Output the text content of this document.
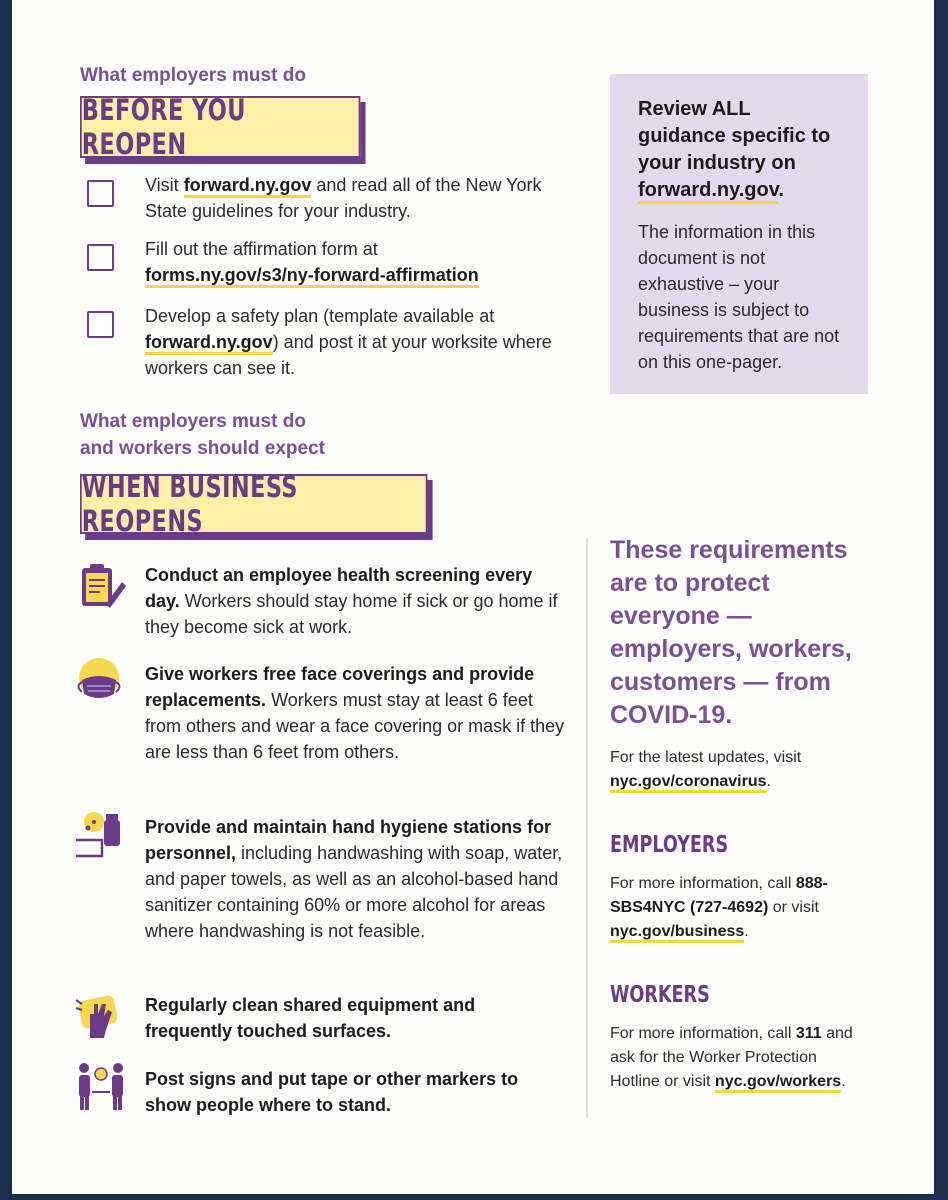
What employers must do
BEFORE YOU REOPEN
Visit forward.ny.gov and read all of the New York State guidelines for your industry.
Fill out the affirmation form at
forms.ny.gov/s3/ny-forward-affirmation
Develop a safety plan (template available at forward.ny.gov) and post it at your worksite where workers can see it.
Review ALL guidance specific to your industry on forward.ny.gov.
The information in this document is not exhaustive – your business is subject to requirements that are not on this one-pager.
What employers must do
and workers should expect
WHEN BUSINESS REOPENS
Conduct an employee health screening every day. Workers should stay home if sick or go home if they become sick at work.
Give workers free face coverings and provide replacements. Workers must stay at least 6 feet from others and wear a face covering or mask if they are less than 6 feet from others.
Provide and maintain hand hygiene stations for personnel, including handwashing with soap, water, and paper towels, as well as an alcohol-based hand sanitizer containing 60% or more alcohol for areas where handwashing is not feasible.
Regularly clean shared equipment and frequently touched surfaces.
Post signs and put tape or other markers to show people where to stand.
These requirements are to protect everyone — employers, workers, customers — from COVID-19.
For the latest updates, visit nyc.gov/coronavirus.
EMPLOYERS
For more information, call 888-SBS4NYC (727-4692) or visit nyc.gov/business.
WORKERS
For more information, call 311 and ask for the Worker Protection Hotline or visit nyc.gov/workers.
